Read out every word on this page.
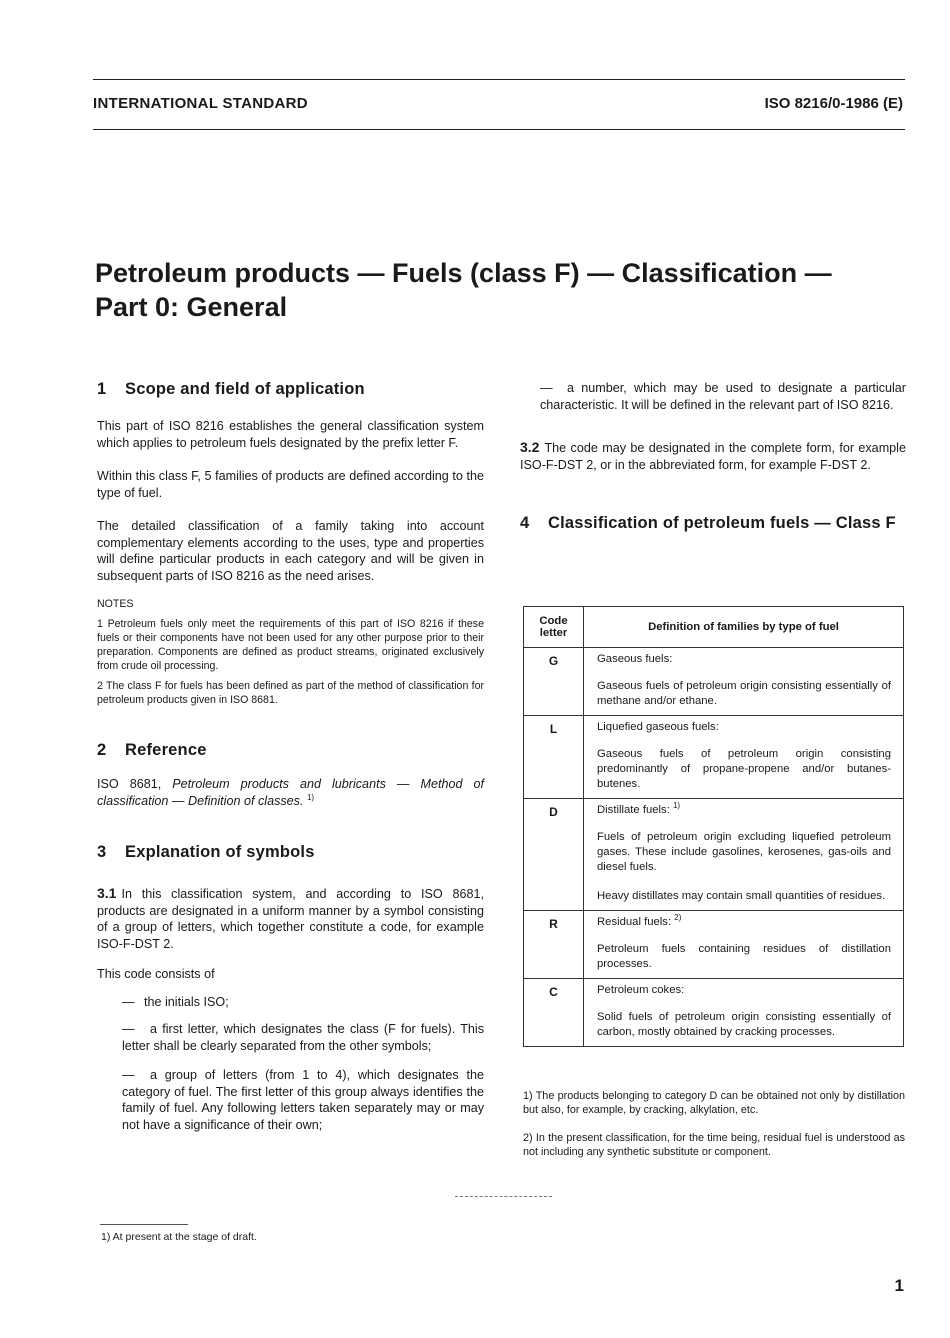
INTERNATIONAL STANDARD	ISO 8216/0-1986 (E)
Petroleum products — Fuels (class F) — Classification —
Part 0: General
1 Scope and field of application

This part of ISO 8216 establishes the general classification system which applies to petroleum fuels designated by the prefix letter F.

Within this class F, 5 families of products are defined according to the type of fuel.

The detailed classification of a family taking into account complementary elements according to the uses, type and properties will define particular products in each category and will be given in subsequent parts of ISO 8216 as the need arises.

NOTES

1 Petroleum fuels only meet the requirements of this part of ISO 8216 if these fuels or their components have not been used for any other purpose prior to their preparation. Components are defined as product streams, originated exclusively from crude oil processing.

2 The class F for fuels has been defined as part of the method of classification for petroleum products given in ISO 8681.

2 Reference

ISO 8681, Petroleum products and lubricants — Method of classification — Definition of classes. $^{1)}$

3 Explanation of symbols

3.1 In this classification system, and according to ISO 8681, products are designated in a uniform manner by a symbol consisting of a group of letters, which together constitute a code, for example ISO-F-DST 2.

This code consists of

— the initials ISO;

— a first letter, which designates the class (F for fuels). This letter shall be clearly separated from the other symbols;

— a group of letters (from 1 to 4), which designates the category of fuel. The first letter of this group always identifies the family of fuel. Any following letters taken separately may or may not have a significance of their own;

— a number, which may be used to designate a particular characteristic. It will be defined in the relevant part of ISO 8216.

3.2 The code may be designated in the complete form, for example ISO-F-DST 2, or in the abbreviated form, for example F-DST 2.

4 Classification of petroleum fuels — Class F
Code letter	Definition of families by type of fuel
G	Gaseous fuels:
Gaseous fuels of petroleum origin consisting essentially of methane and/or ethane.

L	Liquefied gaseous fuels:
Gaseous fuels of petroleum origin consisting predominantly of propane-propene and/or butanes-butenes.

D	Distillate fuels: $^{1)}$
Fuels of petroleum origin excluding liquefied petroleum gases. These include gasolines, kerosenes, gas-oils and diesel fuels.
Heavy distillates may contain small quantities of residues.

R	Residual fuels: $^{2)}$
Petroleum fuels containing residues of distillation processes.

C	Petroleum cokes:
Solid fuels of petroleum origin consisting essentially of carbon, mostly obtained by cracking processes.

1) The products belonging to category D can be obtained not only by distillation but also, for example, by cracking, alkylation, etc.

2) In the present classification, for the time being, residual fuel is understood as not including any synthetic substitute or component.

1) At present at the stage of draft.
1
